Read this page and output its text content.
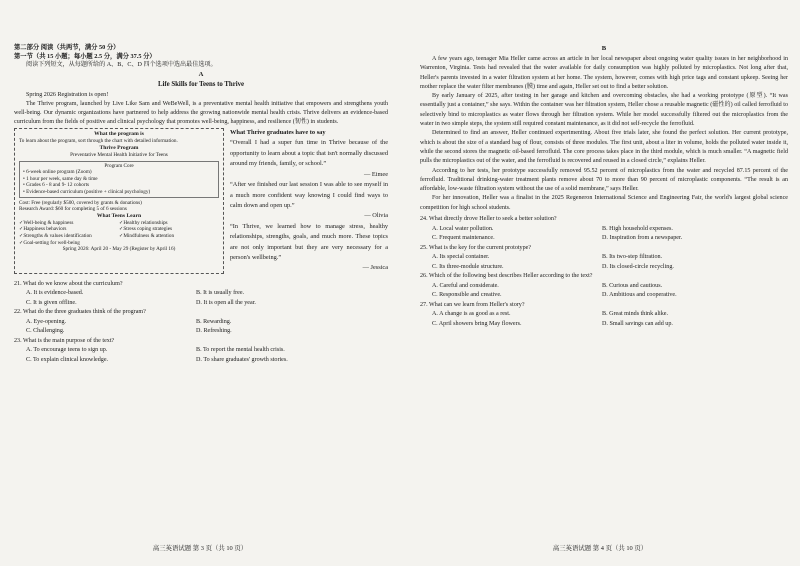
第二部分 阅读（共两节，满分 50 分）

第一节（共 15 小题；每小题 2.5 分，满分 37.5 分）

阅读下列短文，从每题所给的 A、B、C、D 四个选项中选出最佳选项。

A

Life Skills for Teens to Thrive

Spring 2026 Registration is open!

The Thrive program, launched by Live Like Sam and WeBeWell, is a preventative mental health initiative that empowers and strengthens youth well-being. Our dynamic organizations have partnered to help address the growing nationwide mental health crisis. Thrive delivers an evidence-based curriculum from the fields of positive and clinical psychology that promotes well-being, happiness, and resilience (韧性) in students.

What the program is
To learn about the program, sort through the chart with detailed information.
Thrive Program
Preventative Mental Health Initiative for Teens
Program Core
• 6-week online program (Zoom)
• 1 hour per week, same day & time
• Grades 6 - 8 and 9- 12 cohorts
• Evidence-based curriculum (positive + clinical psychology)
Cost: Free (regularly $500, covered by grants & donations)
Research Award: $60 for completing 5 of 6 sessions
What Teens Learn
✓Well-being & happiness
✓Happiness behaviors
✓Strengths & values identification
✓Goal-setting for well-being
✓Healthy relationships
✓Stress coping strategies
✓Mindfulness & attention
Spring 2026: April 20 - May 29 (Register by April 16)
What Thrive graduates have to say

“Overall I had a super fun time in Thrive because of the opportunity to learn about a topic that isn't normally discussed around my friends, family, or school.”

— Eimee

“After we finished our last session I was able to see myself in a much more confident way knowing I could find ways to calm down and open up.”

— Olivia

“In Thrive, we learned how to manage stress, healthy relationships, strengths, goals, and much more. These topics are not only important but they are very necessary for a person's wellbeing.”

— Jessica

21. What do we know about the curriculum?

A. It is evidence-based.	B. It is usually free.
C. It is given offline.	D. It is open all the year.

22. What do the three graduates think of the program?

A. Eye-opening.	B. Rewarding.
C. Challenging.	D. Refreshing.

23. What is the main purpose of the text?

A. To encourage teens to sign up.	B. To report the mental health crisis.
C. To explain clinical knowledge.	D. To share graduates' growth stories.
高三英语试题 第 3 页（共 10 页）

B

A few years ago, teenager Mia Heller came across an article in her local newspaper about ongoing water quality issues in her neighborhood in Warrenton, Virginia. Tests had revealed that the water available for daily consumption was highly polluted by microplastics. Not long after that, Heller's parents invested in a water filtration system at her home. The system, however, comes with high price tags and constant upkeep. Seeing her mother replace the water filter membranes (膜) time and again, Heller set out to find a better solution.

By early January of 2025, after testing in her garage and kitchen and overcoming obstacles, she had a working prototype (原型). “It was essentially just a container,” she says. Within the container was her filtration system, Heller chose a reusable magnetic (磁性的) oil called ferrofluid to selectively bind to microplastics as water flows through her filtration system. While her model successfully filtered out the microplastics from the water in two simple steps, the system still required constant maintenance, as it did not self-recycle the ferrofluid.

Determined to find an answer, Heller continued experimenting. About five trials later, she found the perfect solution. Her current prototype, which is about the size of a standard bag of flour, consists of three modules. The first unit, about a liter in volume, holds the polluted water inside it, while the second stores the magnetic oil-based ferrofluid. The core process takes place in the third module, which is much smaller. “A magnetic field pulls the microplastics out of the water, and the ferrofluid is recovered and reused in a closed circle,” explains Heller.

According to her tests, her prototype successfully removed 95.52 percent of microplastics from the water and recycled 87.15 percent of the ferrofluid. Traditional drinking-water treatment plants remove about 70 to more than 90 percent of microplastic components. “The result is an affordable, low-waste filtration system without the use of a solid membrane,” says Heller.

For her innovation, Heller was a finalist in the 2025 Regeneron International Science and Engineering Fair, the world's largest global science competition for high school students.

24. What directly drove Heller to seek a better solution?

A. Local water pollution.	B. High household expenses.
C. Frequent maintenance.	D. Inspiration from a newspaper.

25. What is the key for the current prototype?

A. Its special container.	B. Its two-step filtration.
C. Its three-module structure.	D. Its closed-circle recycling.

26. Which of the following best describes Heller according to the text?

A. Careful and considerate.	B. Curious and cautious.
C. Responsible and creative.	D. Ambitious and cooperative.

27. What can we learn from Heller's story?

A. A change is as good as a rest.	B. Great minds think alike.
C. April showers bring May flowers.	D. Small savings can add up.
高三英语试题 第 4 页（共 10 页）
